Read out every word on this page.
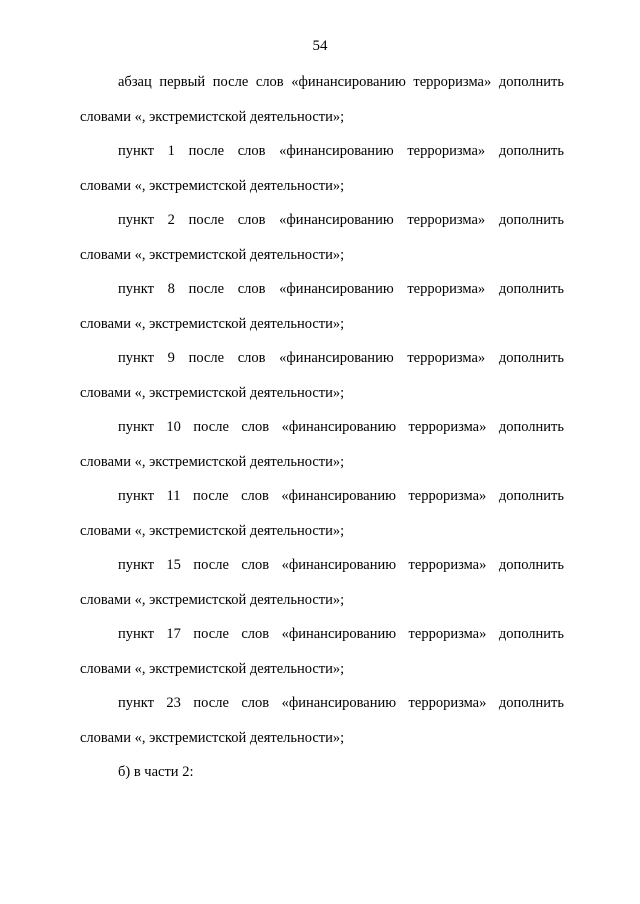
54
абзац первый после слов «финансированию терроризма» дополнить
словами «, экстремистской деятельности»;
пункт 1 после слов «финансированию терроризма» дополнить
словами «, экстремистской деятельности»;
пункт 2 после слов «финансированию терроризма» дополнить
словами «, экстремистской деятельности»;
пункт 8 после слов «финансированию терроризма» дополнить
словами «, экстремистской деятельности»;
пункт 9 после слов «финансированию терроризма» дополнить
словами «, экстремистской деятельности»;
пункт 10 после слов «финансированию терроризма» дополнить
словами «, экстремистской деятельности»;
пункт 11 после слов «финансированию терроризма» дополнить
словами «, экстремистской деятельности»;
пункт 15 после слов «финансированию терроризма» дополнить
словами «, экстремистской деятельности»;
пункт 17 после слов «финансированию терроризма» дополнить
словами «, экстремистской деятельности»;
пункт 23 после слов «финансированию терроризма» дополнить
словами «, экстремистской деятельности»;
б) в части 2:
